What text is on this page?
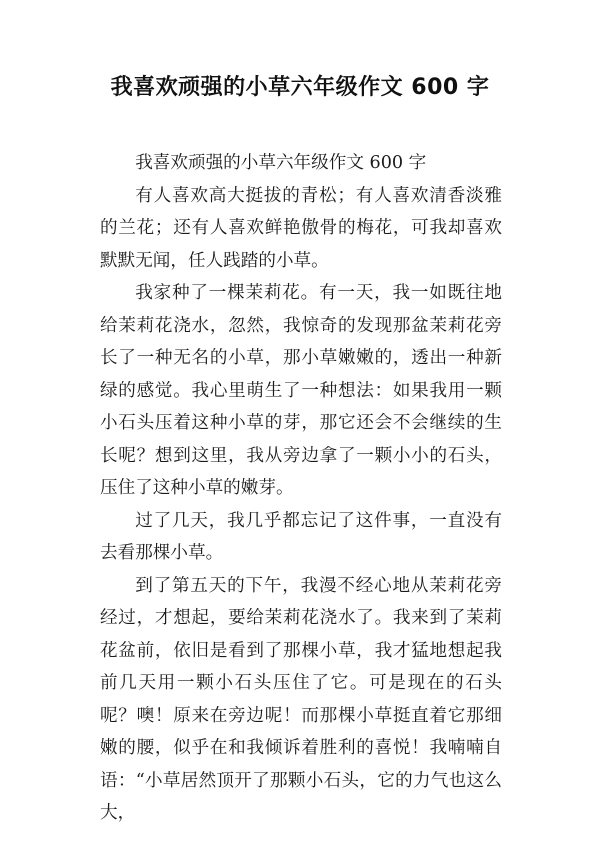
我喜欢顽强的小草六年级作文 600 字

我喜欢顽强的小草六年级作文 600 字

有人喜欢高大挺拔的青松；有人喜欢清香淡雅的兰花；还有人喜欢鲜艳傲骨的梅花，可我却喜欢默默无闻，任人践踏的小草。

我家种了一棵茉莉花。有一天，我一如既往地给茉莉花浇水，忽然，我惊奇的发现那盆茉莉花旁长了一种无名的小草，那小草嫩嫩的，透出一种新绿的感觉。我心里萌生了一种想法：如果我用一颗小石头压着这种小草的芽，那它还会不会继续的生长呢？想到这里，我从旁边拿了一颗小小的石头，压住了这种小草的嫩芽。

过了几天，我几乎都忘记了这件事，一直没有去看那棵小草。

到了第五天的下午，我漫不经心地从茉莉花旁经过，才想起，要给茉莉花浇水了。我来到了茉莉花盆前，依旧是看到了那棵小草，我才猛地想起我前几天用一颗小石头压住了它。可是现在的石头呢？噢！原来在旁边呢！而那棵小草挺直着它那细嫩的腰，似乎在和我倾诉着胜利的喜悦！我喃喃自语：“小草居然顶开了那颗小石头，它的力气也这么大，
